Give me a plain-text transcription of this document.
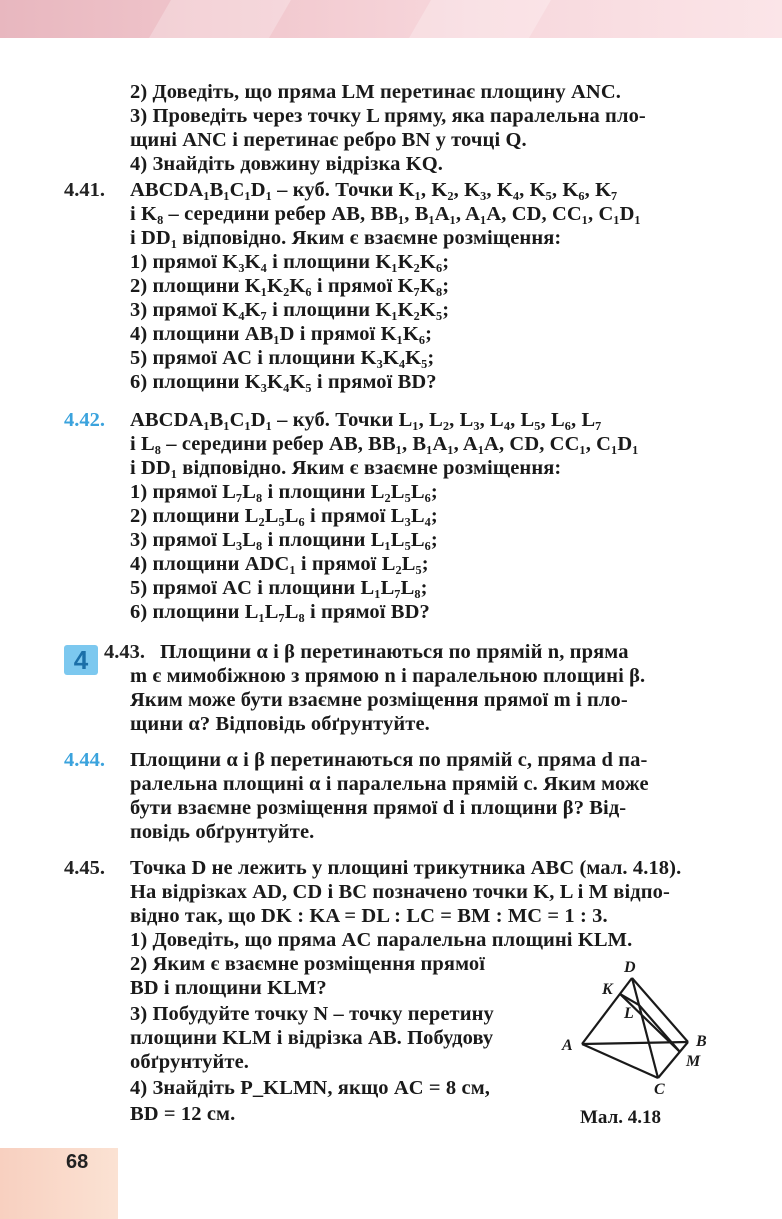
2) Доведіть, що пряма LM перетинає площину ANC.
3) Проведіть через точку L пряму, яка паралельна пло-
щині ANC і перетинає ребро BN у точці Q.
4) Знайдіть довжину відрізка KQ.
4.41. ABCDA₁B₁C₁D₁ – куб. Точки K₁, K₂, K₃, K₄, K₅, K₆, K₇
і K₈ – середини ребер AB, BB₁, B₁A₁, A₁A, CD, CC₁, C₁D₁
і DD₁ відповідно. Яким є взаємне розміщення:
1) прямої K₃K₄ і площини K₁K₂K₆;
2) площини K₁K₂K₆ і прямої K₇K₈;
3) прямої K₄K₇ і площини K₁K₂K₅;
4) площини AB₁D і прямої K₁K₆;
5) прямої AC і площини K₃K₄K₅;
6) площини K₃K₄K₅ і прямої BD?
4.42. ABCDA₁B₁C₁D₁ – куб. Точки L₁, L₂, L₃, L₄, L₅, L₆, L₇
і L₈ – середини ребер AB, BB₁, B₁A₁, A₁A, CD, CC₁, C₁D₁
і DD₁ відповідно. Яким є взаємне розміщення:
1) прямої L₇L₈ і площини L₂L₅L₆;
2) площини L₂L₅L₆ і прямої L₃L₄;
3) прямої L₃L₈ і площини L₁L₅L₆;
4) площини ADC₁ і прямої L₂L₅;
5) прямої AC і площини L₁L₇L₈;
6) площини L₁L₇L₈ і прямої BD?
4 4.43. Площини α і β перетинаються по прямій n, пряма
m є мимобіжною з прямою n і паралельною площині β.
Яким може бути взаємне розміщення прямої m і пло-
щини α? Відповідь обґрунтуйте.
4.44. Площини α і β перетинаються по прямій c, пряма d па-
ралельна площині α і паралельна прямій c. Яким може
бути взаємне розміщення прямої d і площини β? Від-
повідь обґрунтуйте.
4.45. Точка D не лежить у площині трикутника ABC (мал. 4.18).
На відрізках AD, CD і BC позначено точки K, L і M відпо-
відно так, що DK : KA = DL : LC = BM : MC = 1 : 3.
1) Доведіть, що пряма AC паралельна площині KLM.
2) Яким є взаємне розміщення прямої
BD і площини KLM?
3) Побудуйте точку N – точку перетину
площини KLM і відрізка AB. Побудову
обґрунтуйте.
4) Знайдіть P_KLMN, якщо AC = 8 см,
BD = 12 см.
D
K
L
A	B
M
C
Мал. 4.18
68
